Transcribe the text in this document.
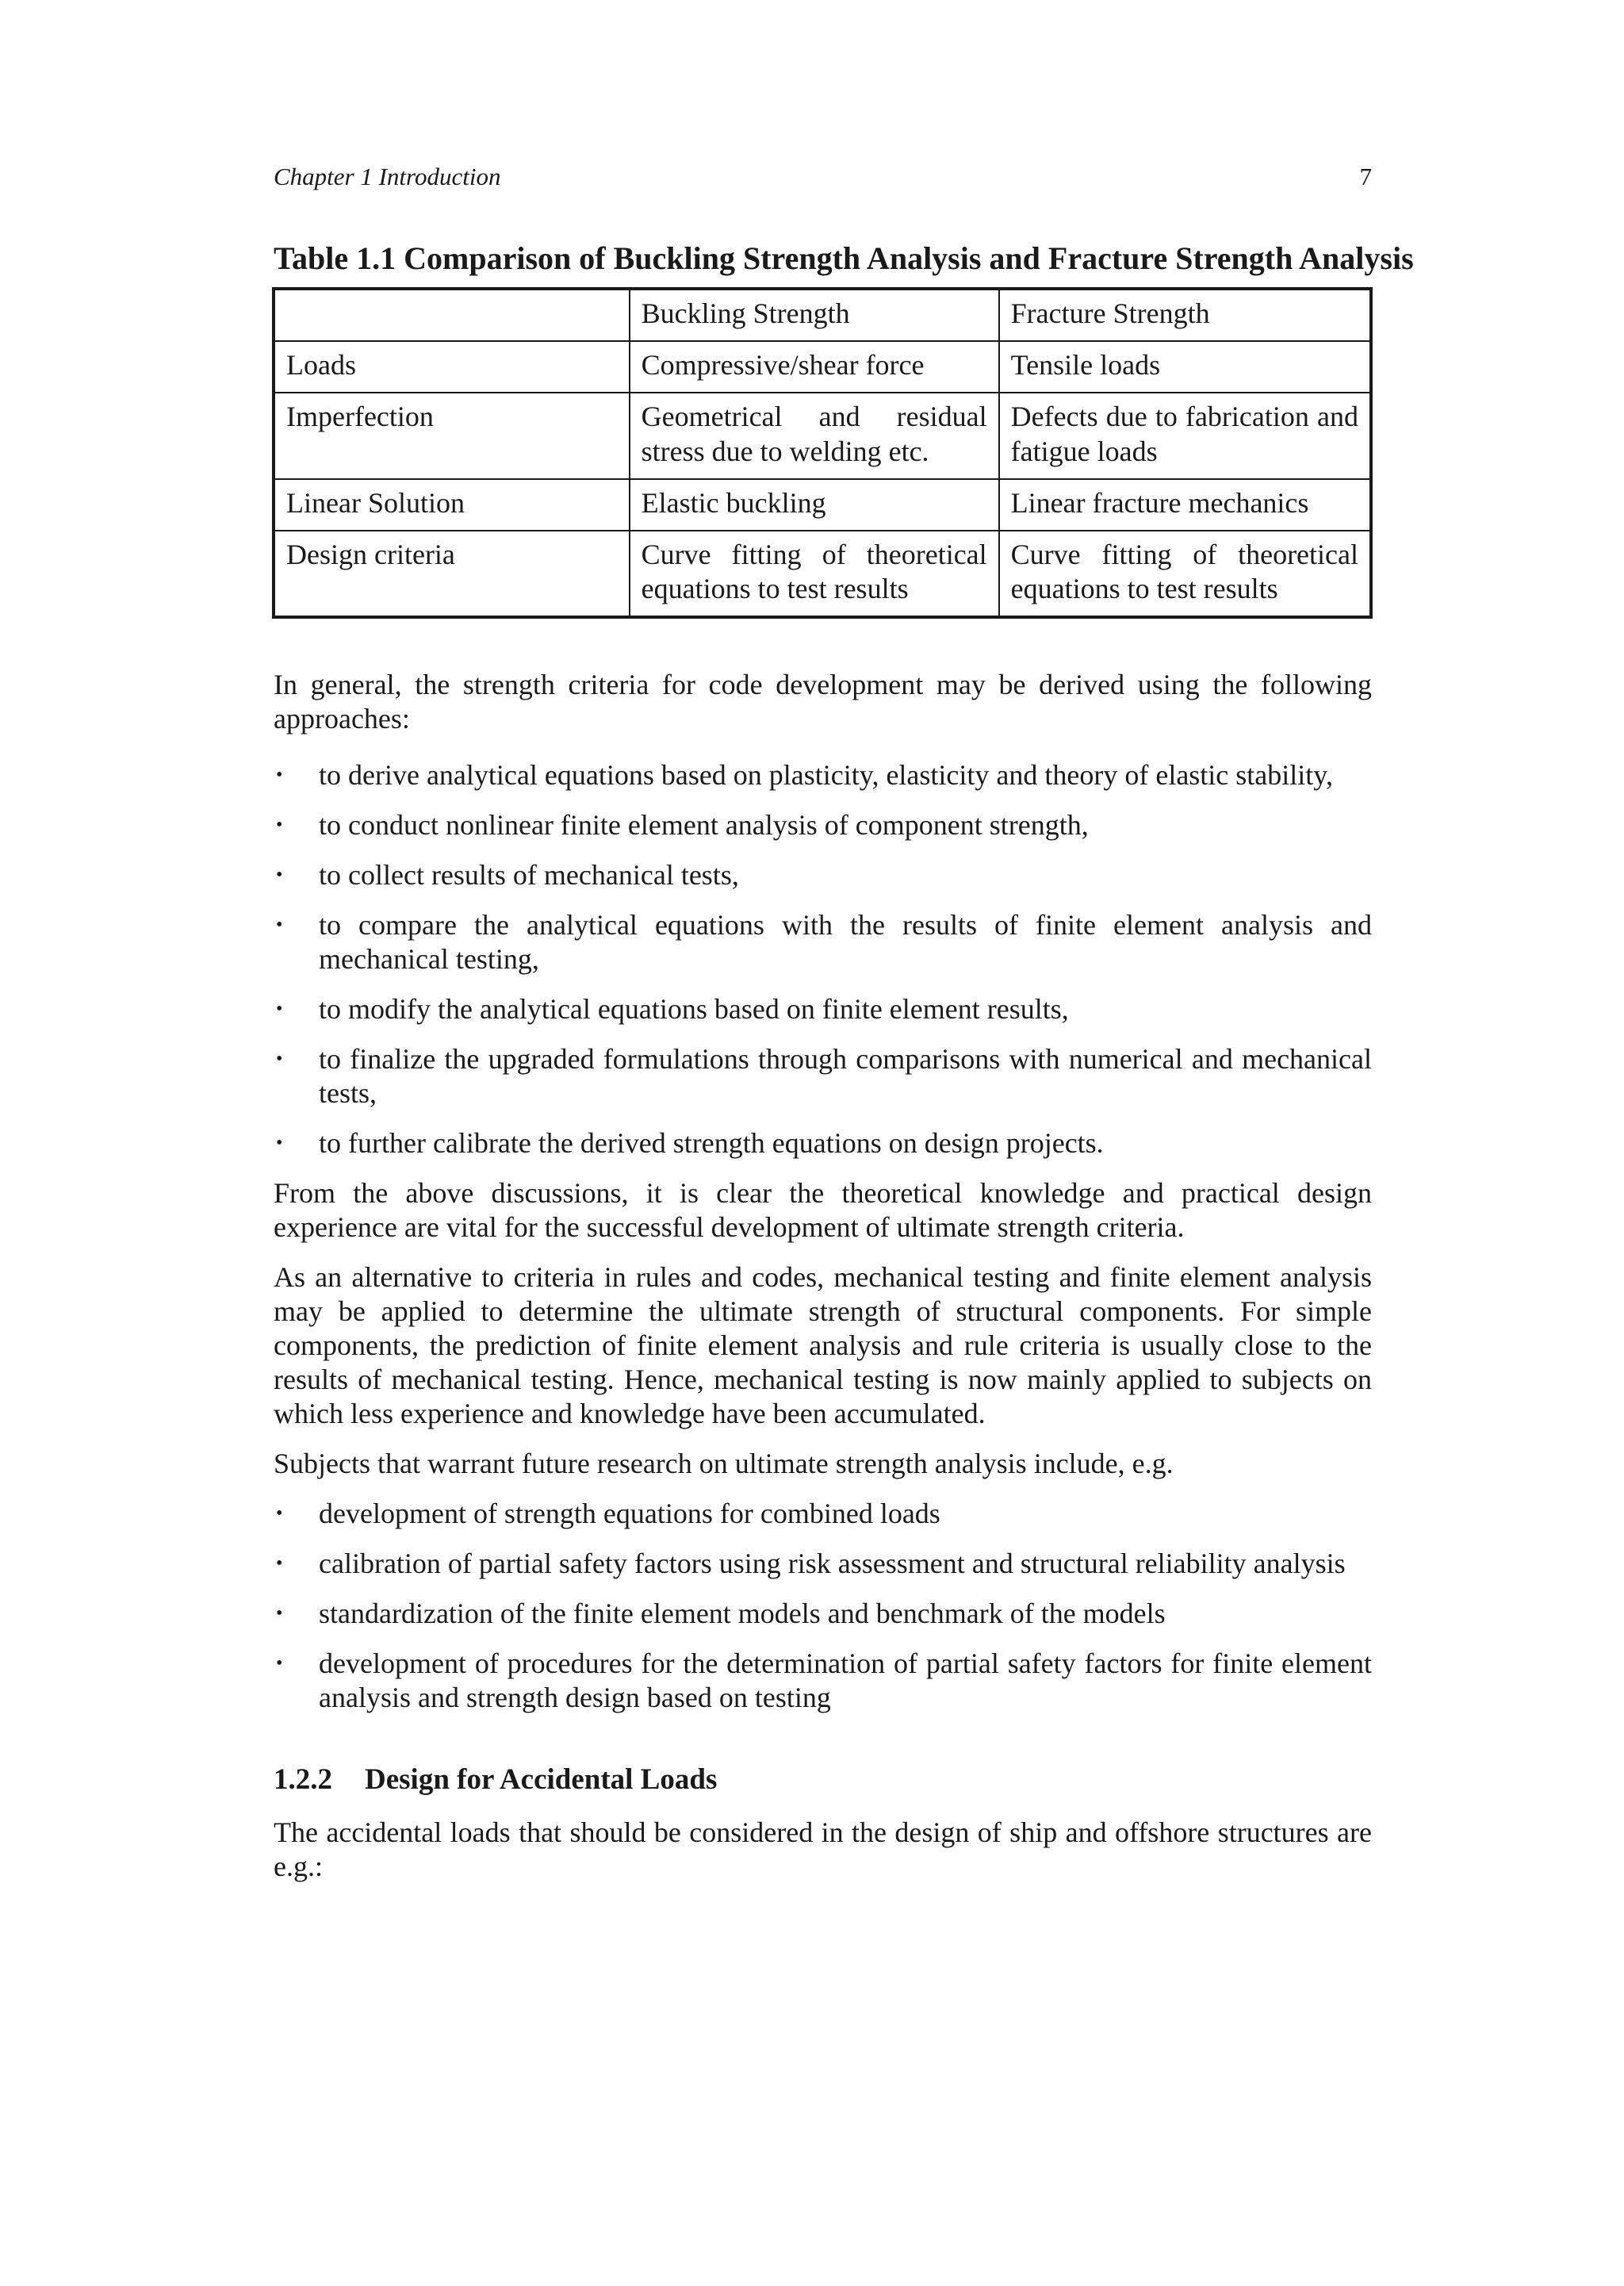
Chapter 1 Introduction	7
Table 1.1 Comparison of Buckling Strength Analysis and Fracture Strength Analysis
	Buckling Strength	Fracture Strength
Loads	Compressive/shear force	Tensile loads
Imperfection	Geometrical and residual stress due to welding etc.	Defects due to fabrication and fatigue loads
Linear Solution	Elastic buckling	Linear fracture mechanics
Design criteria	Curve fitting of theoretical equations to test results	Curve fitting of theoretical equations to test results

In general, the strength criteria for code development may be derived using the following approaches:

• to derive analytical equations based on plasticity, elasticity and theory of elastic stability,
• to conduct nonlinear finite element analysis of component strength,
• to collect results of mechanical tests,
• to compare the analytical equations with the results of finite element analysis and mechanical testing,
• to modify the analytical equations based on finite element results,
• to finalize the upgraded formulations through comparisons with numerical and mechanical tests,
• to further calibrate the derived strength equations on design projects.

From the above discussions, it is clear the theoretical knowledge and practical design experience are vital for the successful development of ultimate strength criteria.

As an alternative to criteria in rules and codes, mechanical testing and finite element analysis may be applied to determine the ultimate strength of structural components. For simple components, the prediction of finite element analysis and rule criteria is usually close to the results of mechanical testing. Hence, mechanical testing is now mainly applied to subjects on which less experience and knowledge have been accumulated.

Subjects that warrant future research on ultimate strength analysis include, e.g.

• development of strength equations for combined loads
• calibration of partial safety factors using risk assessment and structural reliability analysis
• standardization of the finite element models and benchmark of the models
• development of procedures for the determination of partial safety factors for finite element analysis and strength design based on testing
1.2.2	Design for Accidental Loads

The accidental loads that should be considered in the design of ship and offshore structures are e.g.:
